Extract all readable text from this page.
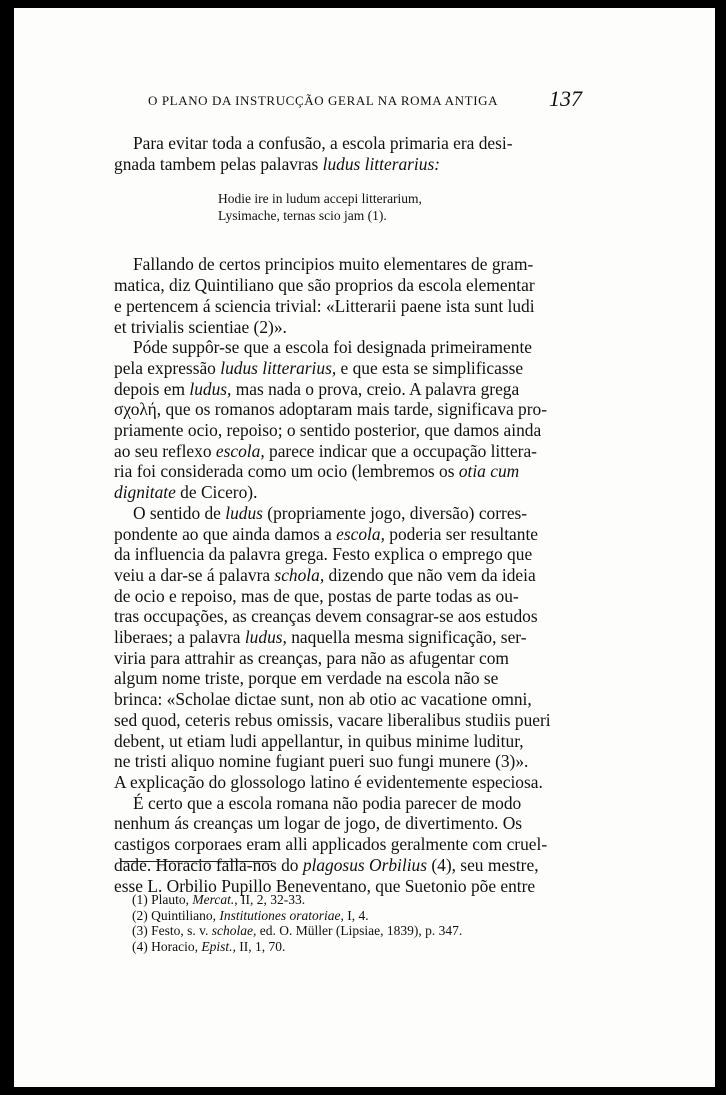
O PLANO DA INSTRUCÇÃO GERAL NA ROMA ANTIGA	137

Para evitar toda a confusão, a escola primaria era desi-
gnada tambem pelas palavras ludus litterarius:

Hodie ire in ludum accepi litterarium,
Lysimache, ternas scio jam (1).

Fallando de certos principios muito elementares de gram-
matica, diz Quintiliano que são proprios da escola elementar
e pertencem á sciencia trivial: «Litterarii paene ista sunt ludi
et trivialis scientiae (2)».

Póde suppôr-se que a escola foi designada primeiramente
pela expressão ludus litterarius, e que esta se simplificasse
depois em ludus, mas nada o prova, creio. A palavra grega
σχολή, que os romanos adoptaram mais tarde, significava pro-
priamente ocio, repoiso; o sentido posterior, que damos ainda
ao seu reflexo escola, parece indicar que a occupação littera-
ria foi considerada como um ocio (lembremos os otia cum
dignitate de Cicero).

O sentido de ludus (propriamente jogo, diversão) corres-
pondente ao que ainda damos a escola, poderia ser resultante
da influencia da palavra grega. Festo explica o emprego que
veiu a dar-se á palavra schola, dizendo que não vem da ideia
de ocio e repoiso, mas de que, postas de parte todas as ou-
tras occupações, as creanças devem consagrar-se aos estudos
liberaes; a palavra ludus, naquella mesma significação, ser-
viria para attrahir as creanças, para não as afugentar com
algum nome triste, porque em verdade na escola não se
brinca: «Scholae dictae sunt, non ab otio ac vacatione omni,
sed quod, ceteris rebus omissis, vacare liberalibus studiis pueri
debent, ut etiam ludi appellantur, in quibus minime luditur,
ne tristi aliquo nomine fugiant pueri suo fungi munere (3)».
A explicação do glossologo latino é evidentemente especiosa.

É certo que a escola romana não podia parecer de modo
nenhum ás creanças um logar de jogo, de divertimento. Os
castigos corporaes eram alli applicados geralmente com cruel-
dade. Horacio falla-nos do plagosus Orbilius (4), seu mestre,
esse L. Orbilio Pupillo Beneventano, que Suetonio põe entre

(1) Plauto, Mercat., II, 2, 32-33.
(2) Quintiliano, Institutiones oratoriae, I, 4.
(3) Festo, s. v. scholae, ed. O. Müller (Lipsiae, 1839), p. 347.
(4) Horacio, Epist., II, 1, 70.
